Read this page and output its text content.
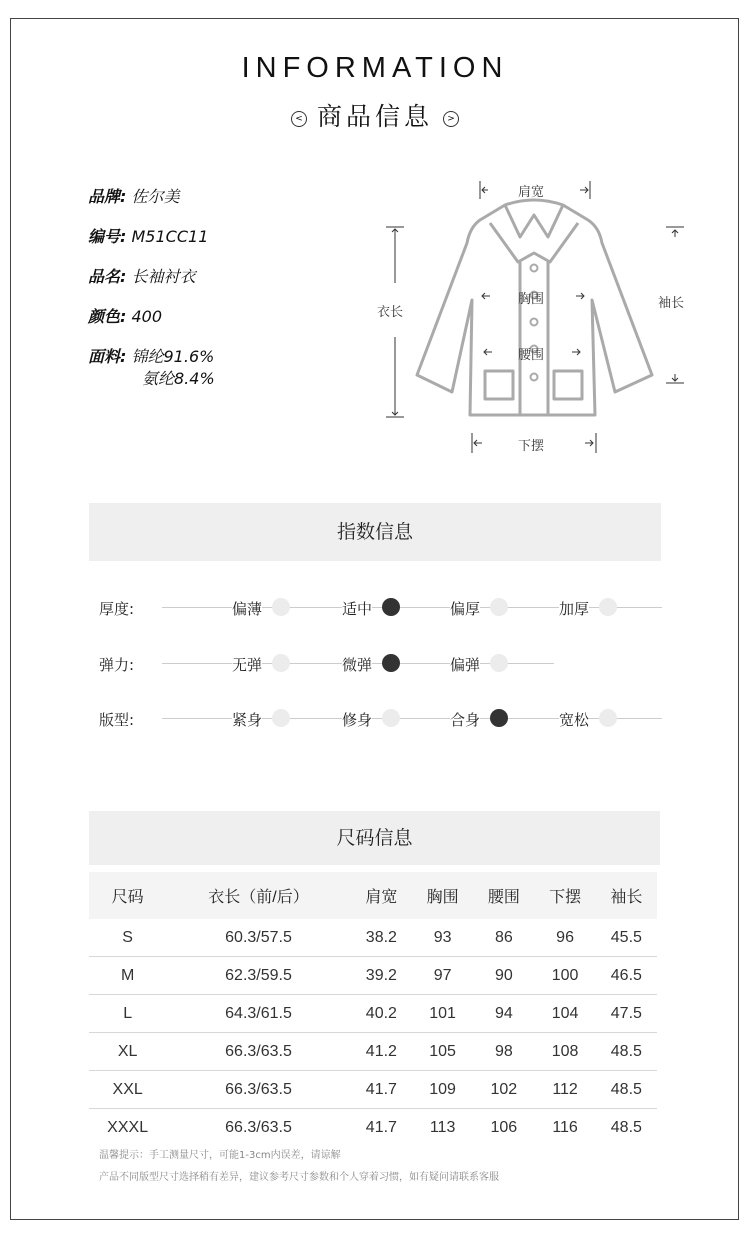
INFORMATION
< 商品信息 >
品牌: 佐尔美
编号: M51CC11
品名: 长袖衬衣
颜色: 400
面料: 锦纶91.6%
氨纶8.4%
肩宽
衣长
胸围
腰围
袖长
下摆
指数信息
厚度:	偏薄	适中	偏厚	加厚
弹力:	无弹	微弹	偏弹
版型:	紧身	修身	合身	宽松
尺码信息
尺码	衣长（前/后）	肩宽	胸围	腰围	下摆	袖长
S	60.3/57.5	38.2	93	86	96	45.5
M	62.3/59.5	39.2	97	90	100	46.5
L	64.3/61.5	40.2	101	94	104	47.5
XL	66.3/63.5	41.2	105	98	108	48.5
XXL	66.3/63.5	41.7	109	102	112	48.5
XXXL	66.3/63.5	41.7	113	106	116	48.5
温馨提示：手工测量尺寸，可能1-3cm内误差，请谅解
产品不同版型尺寸选择稍有差异，建议参考尺寸参数和个人穿着习惯，如有疑问请联系客服
